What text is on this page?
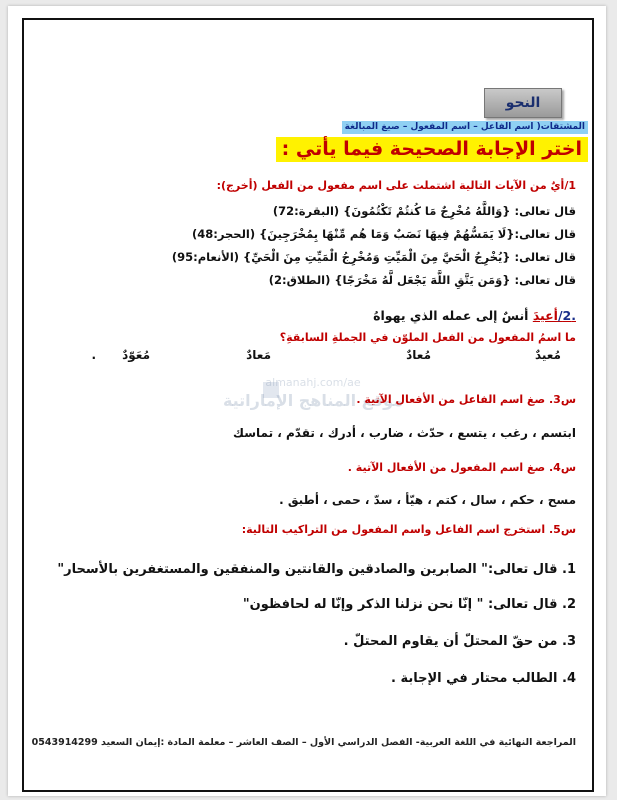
النحو
المشتقات( اسم الفاعل – اسم المفعول – صيغ المبالغة
اختر الإجابة الصحيحة فيما يأتي :
1/أيٌ من الآيات التالية اشتملت على اسم مفعول من الفعل (أخرج):
قال تعالى: {وَاللَّهُ مُخْرِجٌ مَا كُنتُمْ تَكْتُمُونَ} (البقرة:72)
قال تعالى:{لَا يَمَسُّهُمْ فِيهَا نَصَبٌ وَمَا هُم مِّنْهَا بِمُخْرَجِينَ} (الحجر:48)
قال تعالى: {يُخْرِجُ الْحَيَّ مِنَ الْمَيِّتِ وَمُخْرِجُ الْمَيِّتِ مِنَ الْحَيِّ} (الأنعام:95)
قال تعالى: {وَمَن يَتَّقِ اللَّهَ يَجْعَل لَّهُ مَخْرَجًا} (الطلاق:2)
.2/أعيدَ أنسٌ إلى عمله الذي يهواهُ
ما اسمُ المفعول من الفعل الملوّن في الجملةِ السابقةِ؟
مُعيدٌ
مُعادٌ
مَعادٌ
مُعَوّدٌ
.
almanahj.com/ae
موقع المناهج الإماراتية
س3. صغ اسم الفاعل من الأفعال الآتية .
ابتسم ، رغب ، يتسع ، حدّث ، ضارب ، أدرك ، تقدّم ، تماسك
س4. صغ اسم المفعول من الأفعال الآتية .
مسح ، حكم ، سال ، كتم ، هيّأ ، سدّ ، حمى ، أطبق .
س5. استخرج اسم الفاعل واسم المفعول من التراكيب التالية:
1. قال تعالى:" الصابرين والصادقين والقانتين والمنفقين والمستغفرين بالأسحار"
2. قال تعالى: " إنّا نحن نزلنا الذكر وإنّا له لحافظون"
3. من حقّ المحتلّ أن يقاوم المحتلّ .
4. الطالب محتار في الإجابة .
المراجعة النهائية في اللغة العربية- الفصل الدراسي الأول – الصف العاشر – معلمة المادة :إيمان السعيد 0543914299
